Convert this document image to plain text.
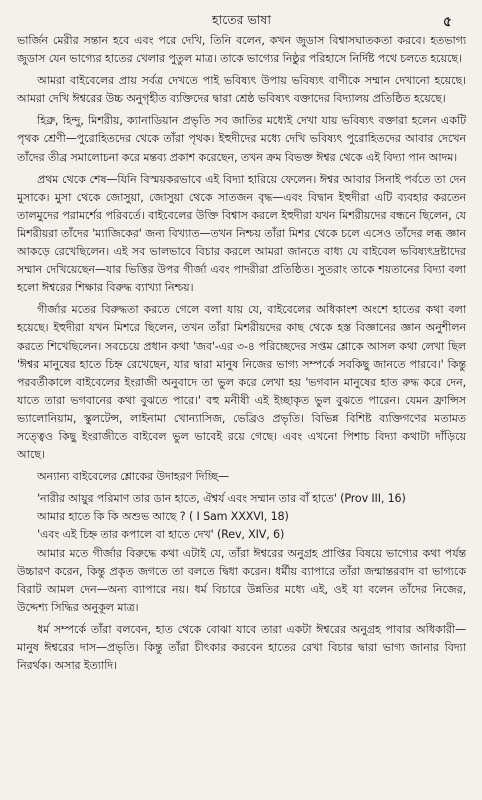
হাতের ভাষা	৫

ভার্জিন মেরীর সন্তান হবে এবং পরে দেখি, তিনি বলেন, কখন জুডাস বিশ্বাসঘাতকতা করবে। হতভাগ্য জুডাস যেন ভাগ্যের হাতের খেলার পুতুল মাত্র। তাকে ভাগ্যের নিষ্ঠুর পরিহাসে নির্দিষ্ট পথে চলতে হয়েছে।

আমরা বাইবেলের প্রায় সর্বত্র দেখতে পাই ভবিষ্যৎ উপায় ভবিষ্যৎ বাণীকে সম্মান দেখানো হয়েছে। আমরা দেখি ঈশ্বরের উচ্চ অনুগৃহীত ব্যক্তিদের দ্বারা শ্রেষ্ঠ ভবিষ্যৎ বক্তাদের বিদ্যালয় প্রতিষ্ঠিত হয়েছে।

হিব্রু, হিন্দু, মিশরীয়, ক্যানাডিয়ান প্রভৃতি সব জাতির মধ্যেই দেখা যায় ভবিষ্যৎ বক্তারা হলেন একটি পৃথক শ্রেণী—পুরোহিতদের থেকে তাঁরা পৃথক। ইহুদীদের মধ্যে দেখি ভবিষ্যৎ পুরোহিতদের আবার দেখেন তাঁদের তীব্র সমালোচনা করে মন্তব্য প্রকাশ করেছেন, তখন ক্রম বিভক্ত ঈশ্বর থেকে এই বিদ্যা পান আদম।

প্রথম থেকে শেষ—যিনি বিস্ময়করভাবে এই বিদ্যা হারিয়ে ফেলেন। ঈশ্বর আবার সিনাই পর্বতে তা দেন মুসাকে। মুসা থেকে জোসুয়া, জোসুয়া থেকে সাতজন বৃদ্ধ—এবং বিদ্বান ইহুদীরা এটি ব্যবহার করতেন তালমুদের পরামর্শের পরিবর্তে। বাইবেলের উক্তি বিশ্বাস করলে ইহুদীরা যখন মিশরীয়দের বন্ধনে ছিলেন, যে মিশরীয়রা তাঁদের 'ম্যাজিকের' জন্য বিখ্যাত—তখন নিশ্চয় তাঁরা মিশর থেকে চলে এসেও তাঁদের লব্ধ জ্ঞান আকড়ে রেখেছিলেন। এই সব ভালভাবে বিচার করলে আমরা জানতে বাধ্য যে বাইবেল ভবিষ্যৎদ্রষ্টাদের সম্মান দেখিয়েছেন—যার ভিত্তির উপর গীর্জা এবং পাদরীরা প্রতিষ্ঠিত। সুতরাং তাকে শয়তানের বিদ্যা বলা হলো ঈশ্বরের শিক্ষার বিরুদ্ধ ব্যাখ্যা নিশ্চয়।

গীর্জার মতের বিরুদ্ধতা করতে গেলে বলা যায় যে, বাইবেলের অধিকাংশ অংশে হাতের কথা বলা হয়েছে। ইহুদীরা যখন মিশরে ছিলেন, তখন তাঁরা মিশরীয়দের কাছ থেকে হস্ত বিজ্ঞানের জ্ঞান অনুশীলন করতে শিখেছিলেন। সবচেয়ে প্রধান কথা 'জব'-এর ৩-৪ পরিচ্ছেদের সপ্তম শ্লোকে আসল কথা লেখা ছিল 'ঈশ্বর মানুষের হাতে চিহ্ন রেখেছেন, যার দ্বারা মানুষ নিজের ভাগ্য সম্পর্কে সবকিছু জানতে পারবে।' কিন্তু পরবর্তীকালে বাইবেলের ইংরাজী অনুবাদে তা ভুল করে লেখা হয় 'ভগবান মানুষের হাত রুদ্ধ করে দেন, যাতে তারা ভগবানের কথা বুঝতে পারে।' বহু মনীষী এই ইচ্ছাকৃত ভুল বুঝতে পারেন। যেমন ফ্রান্সিস ভ্যালোনিয়াম, স্কুলটেন্স, লাইনামা খোন্যাসিজ, ভেব্রিও প্রভৃতি। বিভিন্ন বিশিষ্ট ব্যক্তিগণের মতামত সত্ত্বেও কিছু ইংরাজীতে বাইবেল ভুল ভাবেই রয়ে গেছে। এবং এখনো পিশাচ বিদ্যা কথাটা দাঁড়িয়ে আছে।

অন্যান্য বাইবেলের শ্লোকের উদাহরণ দিচ্ছি—

'নারীর আয়ুর পরিমাণ তার ডান হাতে, ঐশ্বর্য এবং সম্মান তার বাঁ হাতে' (Prov III, 16)

আমার হাতে কি কি অশুভ আছে ? ( I Sam XXXVI, 18)

'এবং এই চিহ্ন তার কপালে বা হাতে দেখ' (Rev, XIV, 6)

আমার মতে গীর্জার বিরুদ্ধে কথা এটাই যে, তাঁরা ঈশ্বরের অনুগ্রহ প্রাপ্তির বিষয়ে ভাগ্যের কথা পর্যন্ত উচ্চারণ করেন, কিন্তু প্রকৃত জগতে তা বলতে দ্বিধা করেন। ধর্মীয় ব্যাপারে তাঁরা জন্মান্তরবাদ বা ভাগ্যকে বিরাট আমল দেন—অন্য ব্যাপারে নয়। ধর্ম বিচারে উন্নতির মধ্যে এই, ওই যা বলেন তাঁদের নিজের, উদ্দেশ্য সিদ্ধির অনুকূল মাত্র।

ধর্ম সম্পর্কে তাঁরা বলবেন, হাত থেকে বোঝা যাবে তারা একটা ঈশ্বরের অনুগ্রহ পাবার অধিকারী—মানুষ ঈশ্বরের দাস—প্রভৃতি। কিন্তু তাঁরা চীৎকার করবেন হাতের রেখা বিচার দ্বারা ভাগ্য জানার বিদ্যা নিরর্থক। অসার ইত্যাদি।
